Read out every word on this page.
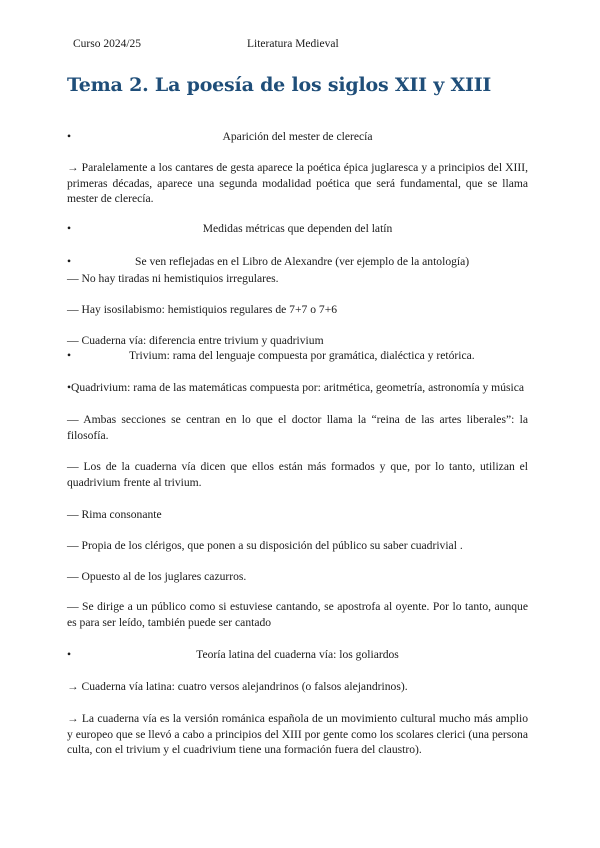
Curso 2024/25	Literatura Medieval
Tema 2. La poesía de los siglos XII y XIII
•	Aparición del mester de clerecía
→ Paralelamente a los cantares de gesta aparece la poética épica juglaresca y a principios del XIII, primeras décadas, aparece una segunda modalidad poética que será fundamental, que se llama mester de clerecía.
•	Medidas métricas que dependen del latín
•	Se ven reflejadas en el Libro de Alexandre (ver ejemplo de la antología)
— No hay tiradas ni hemistiquios irregulares.
— Hay isosilabismo: hemistiquios regulares de 7+7 o 7+6
— Cuaderna vía: diferencia entre trivium y quadrivium
•	Trivium: rama del lenguaje compuesta por gramática, dialéctica y retórica.
•Quadrivium: rama de las matemáticas compuesta por: aritmética, geometría, astronomía y música
— Ambas secciones se centran en lo que el doctor llama la “reina de las artes liberales”: la filosofía.
— Los de la cuaderna vía dicen que ellos están más formados y que, por lo tanto, utilizan el quadrivium frente al trivium.
— Rima consonante
— Propia de los clérigos, que ponen a su disposición del público su saber cuadrivial .
— Opuesto al de los juglares cazurros.
— Se dirige a un público como si estuviese cantando, se apostrofa al oyente. Por lo tanto, aunque es para ser leído, también puede ser cantado
•	Teoría latina del cuaderna vía: los goliardos
→ Cuaderna vía latina: cuatro versos alejandrinos (o falsos alejandrinos).
→ La cuaderna vía es la versión románica española de un movimiento cultural mucho más amplio y europeo que se llevó a cabo a principios del XIII por gente como los scolares clerici (una persona culta, con el trivium y el cuadrivium tiene una formación fuera del claustro).
